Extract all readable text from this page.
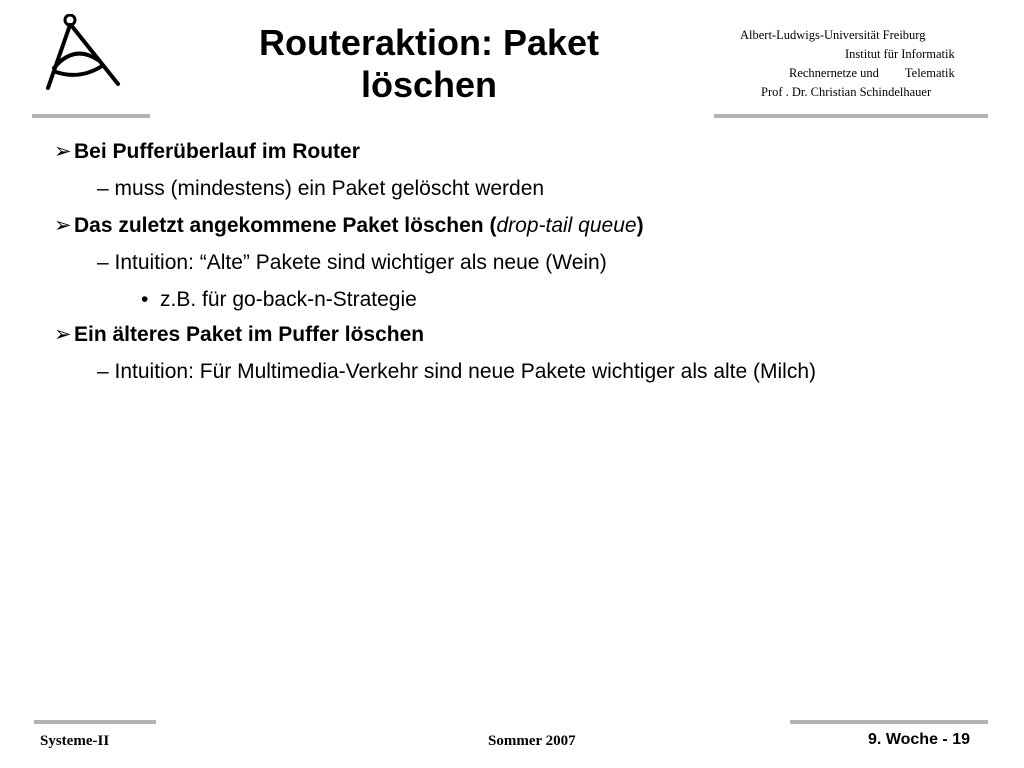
Routeraktion: Paket
löschen
Albert-Ludwigs-Universität Freiburg
Institut für Informatik
Rechnernetze und Telematik
Prof . Dr. Christian Schindelhauer
➢ Bei Pufferüberlauf im Router
– muss (mindestens) ein Paket gelöscht werden
➢ Das zuletzt angekommene Paket löschen (drop-tail queue)
– Intuition: “Alte” Pakete sind wichtiger als neue (Wein)
• z.B. für go-back-n-Strategie
➢ Ein älteres Paket im Puffer löschen
– Intuition: Für Multimedia-Verkehr sind neue Pakete wichtiger als alte (Milch)
Systeme-II	Sommer 2007	9. Woche - 19
